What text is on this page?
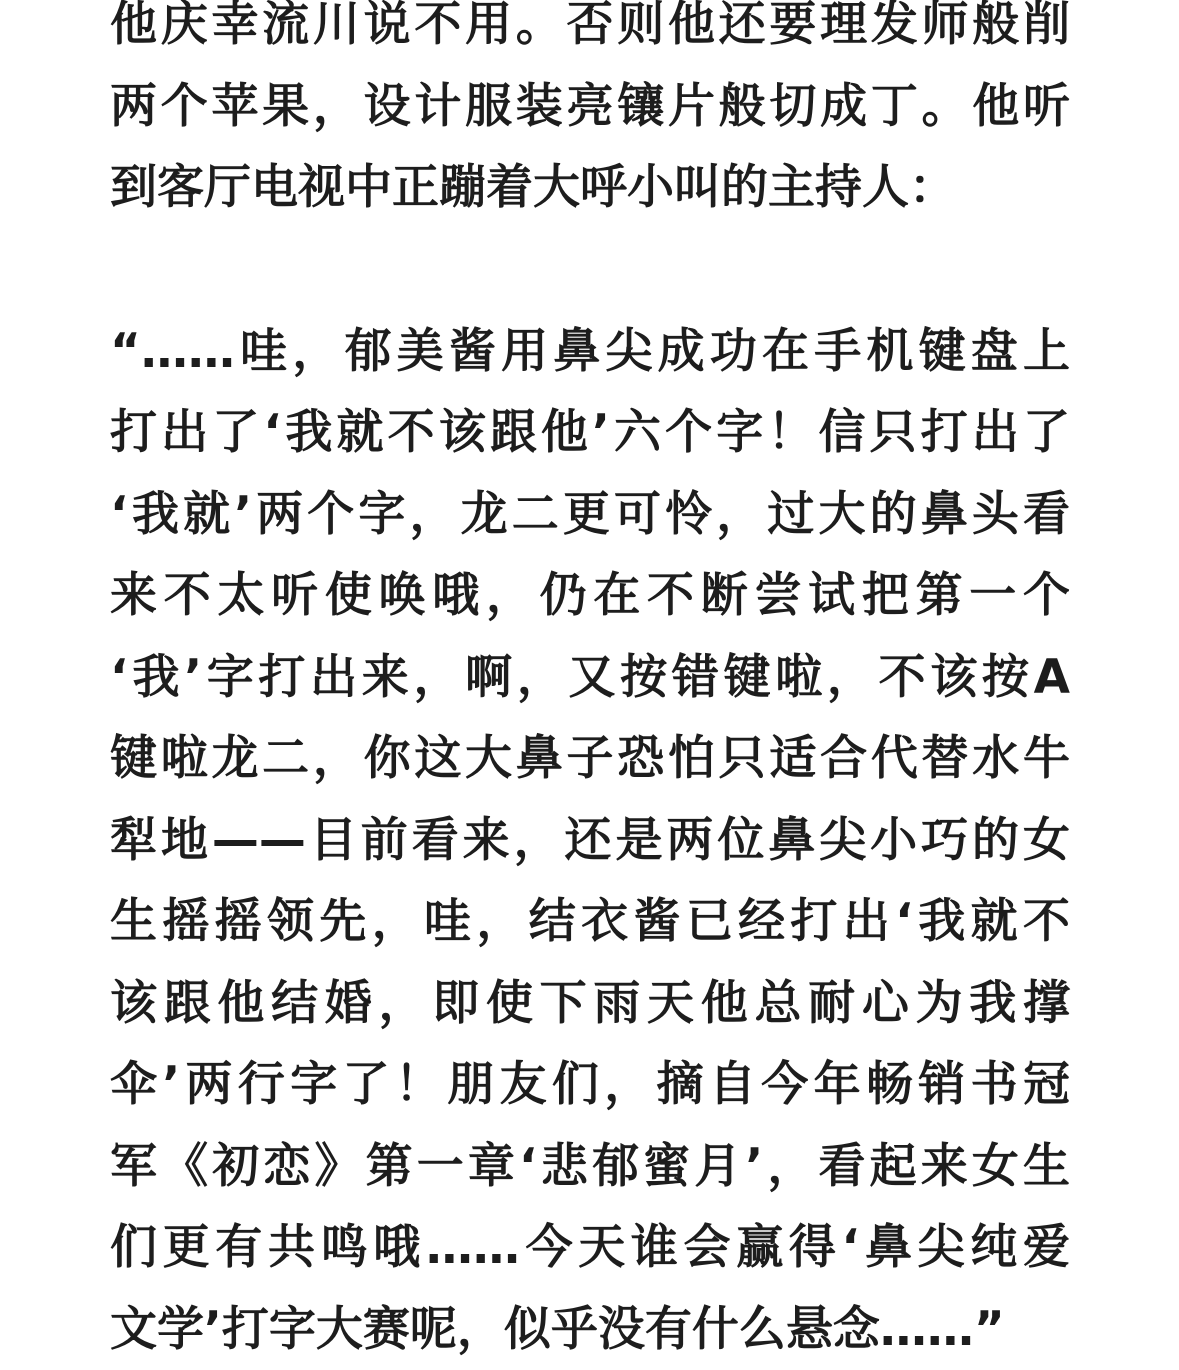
他庆幸流川说不用。否则他还要理发师般削
两个苹果，设计服装亮镶片般切成丁。他听
到客厅电视中正蹦着大呼小叫的主持人：
“……哇，郁美酱用鼻尖成功在手机键盘上
打出了‘我就不该跟他’六个字！信只打出了
‘我就’两个字，龙二更可怜，过大的鼻头看
来不太听使唤哦，仍在不断尝试把第一个
‘我’字打出来，啊，又按错键啦，不该按A
键啦龙二，你这大鼻子恐怕只适合代替水牛
犁地——目前看来，还是两位鼻尖小巧的女
生摇摇领先，哇，结衣酱已经打出‘我就不
该跟他结婚，即使下雨天他总耐心为我撑
伞’两行字了！朋友们，摘自今年畅销书冠
军《初恋》第一章‘悲郁蜜月’，看起来女生
们更有共鸣哦……今天谁会赢得‘鼻尖纯爱
文学’打字大赛呢，似乎没有什么悬念……”
